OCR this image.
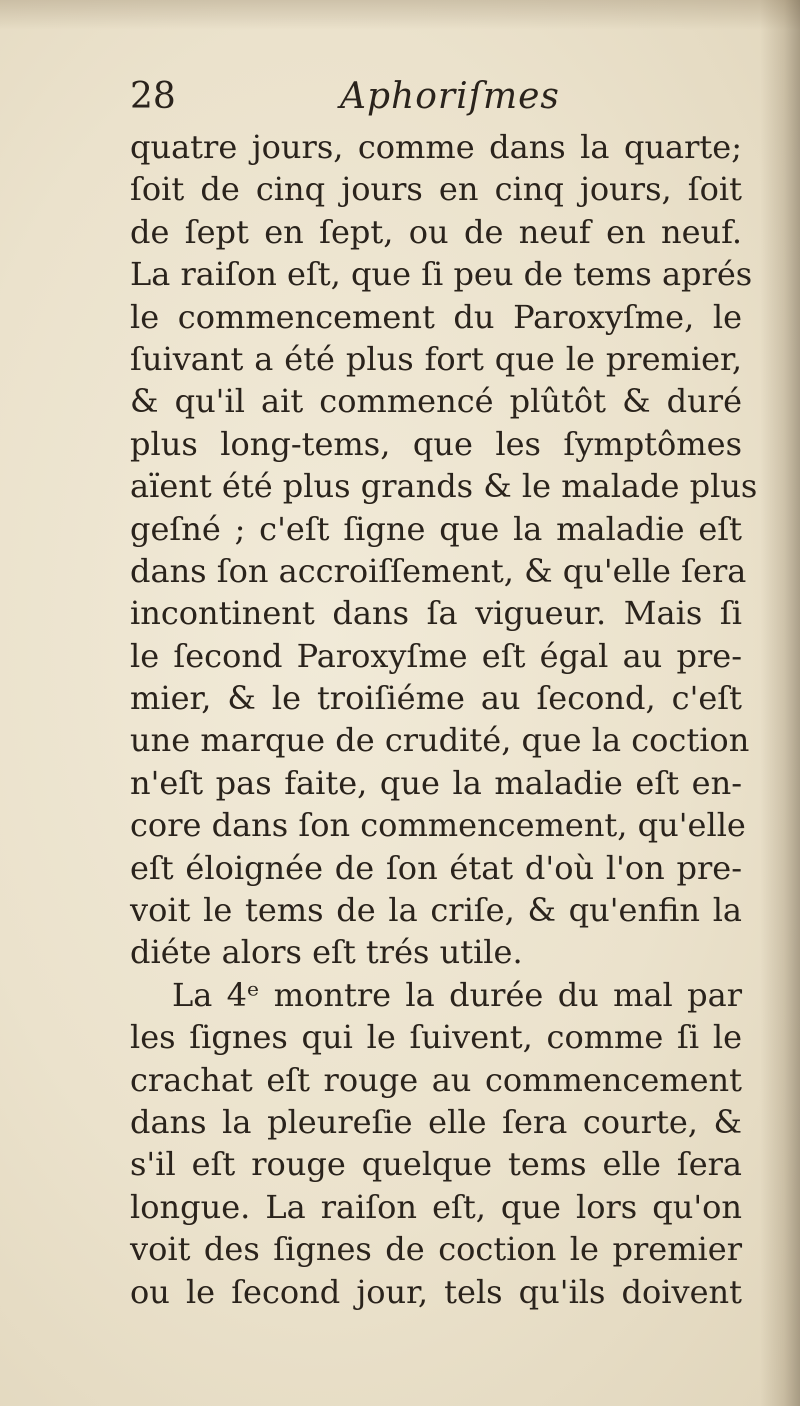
28	Aphoriſmes
quatre jours, comme dans la quarte;
ſoit de cinq jours en cinq jours, ſoit
de ſept en ſept, ou de neuf en neuf.
La raiſon eſt, que ſi peu de tems aprés
le commencement du Paroxyſme, le
ſuivant a été plus fort que le premier,
& qu'il ait commencé plûtôt & duré
plus long-tems, que les ſymptômes
aïent été plus grands & le malade plus
geſné ; c'eſt ſigne que la maladie eſt
dans ſon accroiſſement, & qu'elle ſera
incontinent dans ſa vigueur. Mais ſi
le ſecond Paroxyſme eſt égal au pre-
mier, & le troiſiéme au ſecond, c'eſt
une marque de crudité, que la coction
n'eſt pas faite, que la maladie eſt en-
core dans ſon commencement, qu'elle
eſt éloignée de ſon état d'où l'on pre-
voit le tems de la criſe, & qu'enfin la
diéte alors eſt trés utile.
La 4ᵉ montre la durée du mal par
les ſignes qui le ſuivent, comme ſi le
crachat eſt rouge au commencement
dans la pleureſie elle ſera courte, &
s'il eſt rouge quelque tems elle ſera
longue. La raiſon eſt, que lors qu'on
voit des ſignes de coction le premier
ou le ſecond jour, tels qu'ils doivent
